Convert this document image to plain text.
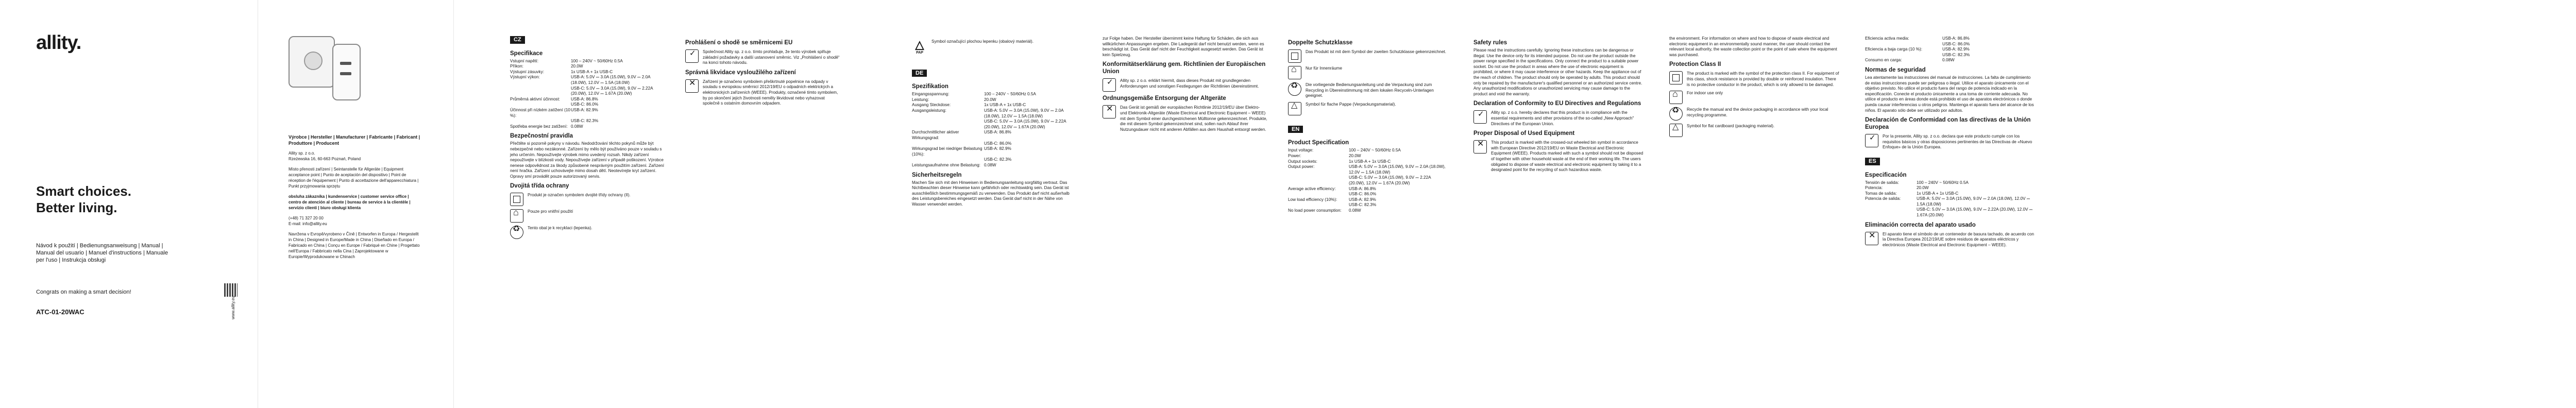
allity.
Smart choices.
Better living.
Návod k použití | Bedienungsanweisung | Manual | Manual del usuario | Manuel d'instructions | Manuale per l'uso | Instrukcja obsługi
Congrats on making a smart decision!
ATC-01-20WAC	www.allity.eu
Výrobce | Hersteller | Manufacturer | Fabricante | Fabricant | Produttore | Producent
Allity sp. z o.o.
Rzeżewska 16, 60-663 Poznań, Poland
Místo přenosti zařízení | Seintanstelle für Allgeräte | Equipment acceptance point | Punto de aceptación del dispositivo | Point de réception de l'équipement | Punto di accettazione dell'apparecchiatura | Punkt przyjmowania sprzętu
obsluha zákazníka | kundenservice | customer service office | centro de atención al cliente | bureau de service à la clientèle | servizio clienti | biuro obsługi klienta
(+48) 71 327 20 00
E-mail: info@allity.eu
Navržena v Evropě/vyrobeno v Číně | Entworfen in Europa / Hergestellt in China | Designed in Europe/Made in China | Diseñado en Europa / Fabricado en China | Conçu en Europe / Fabriqué en Chine | Progettato nell'Europa / Fabbricato nella Cina | Zaprojektowane w Europie/Wyprodukowane w Chinach
CZ
Specifikace
Vstupní napětí:	100 – 240V ~ 50/60Hz 0.5A
Příkon:	20.0W
Výstupní zásuvky:	1x USB-A + 1x USB-C
Výstupní výkon:	USB-A: 5.0V ⎓ 3.0A (15.0W), 9.0V ⎓ 2.0A (18.0W), 12.0V ⎓ 1.5A (18.0W)
USB-C: 5.0V ⎓ 3.0A (15.0W), 9.0V ⎓ 2.22A (20.0W), 12.0V ⎓ 1.67A (20.0W)
Průměrná aktivní účinnost:	USB-A: 86.8%
USB-C: 86.0%
Účinnost při nízkém zatížení (10 %):
USB-A: 82.9%
USB-C: 82.3%
Spotřeba energie bez zatížení: 0.08W
Bezpečnostní pravidla
Přečtěte si pozorně pokyny v návodu. Nedodržování těchto pokynů může být nebezpečné nebo nezákonné. Zařízení by mělo být používáno pouze v souladu s jeho určením. Nepoužívejte výrobek mimo uvedený rozsah. Nikdy zařízení nepoužívejte v blízkosti vody. Nepoužívejte zařízení v případě poškození. Výrobce nenese odpovědnost za škody způsobené nesprávným použitím zařízení. Zařízení není hračka. Zařízení uchovávejte mimo dosah dětí. Neotevírejte kryt zařízení. Opravy smí provádět pouze autorizovaný servis.
Dvojitá třída ochrany
Produkt je označen symbolem dvojité třídy ochrany (II).
⌂
Pouze pro vnitřní použití
♻
Tento obal je k recyklaci (lepenka).
Prohlášení o shodě se směrnicemi EU
✓
Společnost Allity sp. z o.o. tímto prohlašuje, že tento výrobek splňuje základní požadavky a další ustanovení směrnic. Viz „Prohlášení o shodě“ na konci tohoto návodu.
Správná likvidace vysloužilého zařízení
✕
Zařízení je označeno symbolem přeškrtnuté popelnice na odpady v souladu s evropskou směrnicí 2012/19/EU o odpadních elektrických a elektronických zařízeních (WEEE). Produkty, označené tímto symbolem, by po skončení jejich životnosti neměly likvidovat nebo vyhazovat společně s ostatním domovním odpadem.
△
PAP
Symbol označující plochou lepenku (obalový materiál).
DE
Spezifikation
Eingangsspannung:	100 – 240V ~ 50/60Hz 0.5A
Leistung:	20.0W
Ausgang Steckdose:	1x USB-A + 1x USB-C
Ausgangsleistung:	USB-A: 5.0V ⎓ 3.0A (15.0W), 9.0V ⎓ 2.0A (18.0W), 12.0V ⎓ 1.5A (18.0W)
USB-C: 5.0V ⎓ 3.0A (15.0W), 9.0V ⎓ 2.22A (20.0W), 12.0V ⎓ 1.67A (20.0W)
Durchschnittlicher aktiver Wirkungsgrad:
USB-A: 86.8%
USB-C: 86.0%
Wirkungsgrad bei niedriger Belastung (10%):
USB-A: 82.9%
USB-C: 82.3%
Leistungsaufnahme ohne Belastung: 0.08W
Sicherheitsregeln
Machen Sie sich mit den Hinweisen in Bedienungsanleitung sorgfältig vertraut. Das Nichtbeachten dieser Hinweise kann gefährlich oder rechtswidrig sein. Das Gerät ist ausschließlich bestimmungsgemäß zu verwenden. Das Produkt darf nicht außerhalb des Leistungsbereiches eingesetzt werden. Das Gerät darf nicht in der Nähe von Wasser verwendet werden.
zur Folge haben. Der Hersteller übernimmt keine Haftung für Schäden, die sich aus willkürlichen Anpassungen ergeben. Die Ladegerät darf nicht benutzt werden, wenn es beschädigt ist. Das Gerät darf nicht der Feuchtigkeit ausgesetzt werden. Das Gerät ist kein Spielzeug.
Konformitätserklärung gem. Richtlinien der Europäischen Union
✓
Allity sp. z o.o. erklärt hiermit, dass dieses Produkt mit grundlegenden Anforderungen und sonstigen Festlegungen der Richtlinien übereinstimmt.
Ordnungsgemäße Entsorgung der Altgeräte
✕
Das Gerät ist gemäß der europäischen Richtlinie 2012/19/EU über Elektro- und Elektronik-Altgeräte (Waste Electrical and Electronic Equipment – WEEE) mit dem Symbol einer durchgestrichenen Mülltonne gekennzeichnet. Produkte, die mit diesem Symbol gekennzeichnet sind, sollen nach Ablauf ihrer Nutzungsdauer nicht mit anderen Abfällen aus dem Haushalt entsorgt werden.
Doppelte Schutzklasse
Das Produkt ist mit dem Symbol der zweiten Schutzklasse gekennzeichnet.
⌂
Nur für Innenräume
♻
Die vorliegende Bedienungsanleitung und die Verpackung sind zum Recycling in Übereinstimmung mit dem lokalen Recyceln-Unterlagen geeignet.
△
Symbol für flache Pappe (Verpackungsmaterial).
EN
Product Specification
Input voltage:	100 – 240V ~ 50/60Hz 0.5A
Power:	20.0W
Output sockets:	1x USB-A + 1x USB-C
Output power:	USB-A: 5.0V ⎓ 3.0A (15.0W), 9.0V ⎓ 2.0A (18.0W), 12.0V ⎓ 1.5A (18.0W)
USB-C: 5.0V ⎓ 3.0A (15.0W), 9.0V ⎓ 2.22A (20.0W), 12.0V ⎓ 1.67A (20.0W)
Average active efficiency:	USB-A: 86.8%
USB-C: 86.0%
Low load efficiency (10%):	USB-A: 82.9%
USB-C: 82.3%
No load power consumption:	0.08W
Safety rules
Please read the instructions carefully. Ignoring these instructions can be dangerous or illegal. Use the device only for its intended purpose. Do not use the product outside the power range specified in the specifications. Only connect the product to a suitable power socket. Do not use the product in areas where the use of electronic equipment is prohibited, or where it may cause interference or other hazards. Keep the appliance out of the reach of children. The product should only be operated by adults. This product should only be repaired by the manufacturer's qualified personnel or an authorized service centre. Any unauthorized modifications or unauthorized servicing may cause damage to the product and void the warranty.
Declaration of Conformity to EU Directives and Regulations
✓
Allity sp. z o.o. hereby declares that this product is in compliance with the essential requirements and other provisions of the so-called „New Approach" Directives of the European Union.
Proper Disposal of Used Equipment
✕
This product is marked with the crossed-out wheeled bin symbol in accordance with European Directive 2012/19/EU on Waste Electrical and Electronic Equipment (WEEE). Products marked with such a symbol should not be disposed of together with other household waste at the end of their working life. The users obligated to dispose of waste electrical and electronic equipment by taking it to a designated point for the recycling of such hazardous waste.
the environment. For information on where and how to dispose of waste electrical and electronic equipment in an environmentally sound manner, the user should contact the relevant local authority, the waste collection point or the point of sale where the equipment was purchased.
Protection Class II
The product is marked with the symbol of the protection class II. For equipment of this class, shock resistance is provided by double or reinforced insulation. There is no protective conductor in the product, which is only allowed to be damaged.
⌂
For indoor use only
♻
Recycle the manual and the device packaging in accordance with your local recycling programme.
△
Symbol for flat cardboard (packaging material).
Eficiencia activa media:	USB-A: 86.8%
USB-C: 86.0%
Eficiencia a baja carga (10 %):	USB-A: 82.9%
USB-C: 82.3%
Consumo en carga:	0.08W
Normas de seguridad
Lea atentamente las instrucciones del manual de instrucciones. La falta de cumplimiento de estas instrucciones puede ser peligrosa o ilegal. Utilice el aparato únicamente con el objetivo previsto. No utilice el producto fuera del rango de potencia indicado en la especificación. Conecte el producto únicamente a una toma de corriente adecuada. No utilice el producto en áreas donde está prohibido el uso de aparatos electrónicos o donde pueda causar interferencias u otros peligros. Mantenga el aparato fuera del alcance de los niños. El aparato sólo debe ser utilizado por adultos.
Declaración de Conformidad con las directivas de la Unión Europea
✓
Por la presente, Allity sp. z o.o. declara que este producto cumple con los requisitos básicos y otras disposiciones pertinentes de las Directivas de «Nuevo Enfoque» de la Unión Europea.
ES
Especificación
Tensión de salida:	100 – 240V ~ 50/60Hz 0.5A
Potencia:	20.0W
Tomas de salida:	1x USB-A + 1x USB-C
Potencia de salida:	USB-A: 5.0V ⎓ 3.0A (15.0W), 9.0V ⎓ 2.0A (18.0W), 12.0V ⎓ 1.5A (18.0W)
USB-C: 5.0V ⎓ 3.0A (15.0W), 9.0V ⎓ 2.22A (20.0W), 12.0V ⎓ 1.67A (20.0W)
Eliminación correcta del aparato usado
✕
El aparato tiene el símbolo de un contenedor de basura tachado, de acuerdo con la Directiva Europea 2012/19/UE sobre residuos de aparatos eléctricos y electrónicos (Waste Electrical and Electronic Equipment – WEEE).
